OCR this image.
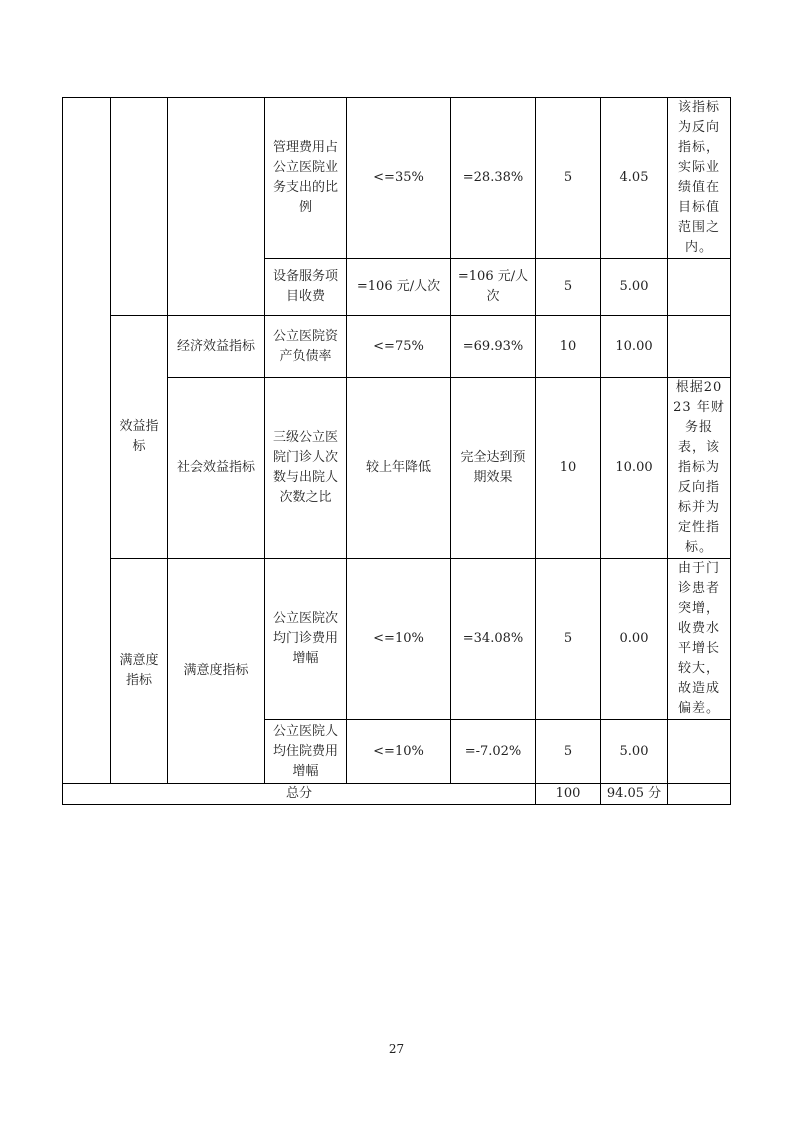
			管理费用占公立医院业务支出的比例	<=35%	=28.38%	5	4.05	该指标为反向指标，实际业绩值在目标值范围之内。
			设备服务项目收费	=106 元/人次	=106 元/人次	5	5.00	
	效益指标	经济效益指标	公立医院资产负债率	<=75%	=69.93%	10	10.00	
		社会效益指标	三级公立医院门诊人次数与出院人次数之比	较上年降低	完全达到预期效果	10	10.00	根据2023 年财务报表，该指标为反向指标并为定性指标。
	满意度指标	满意度指标	公立医院次均门诊费用增幅	<=10%	=34.08%	5	0.00	由于门诊患者突增，收费水平增长较大，故造成偏差。
			公立医院人均住院费用增幅	<=10%	=-7.02%	5	5.00	
总分						100	94.05 分	
27
